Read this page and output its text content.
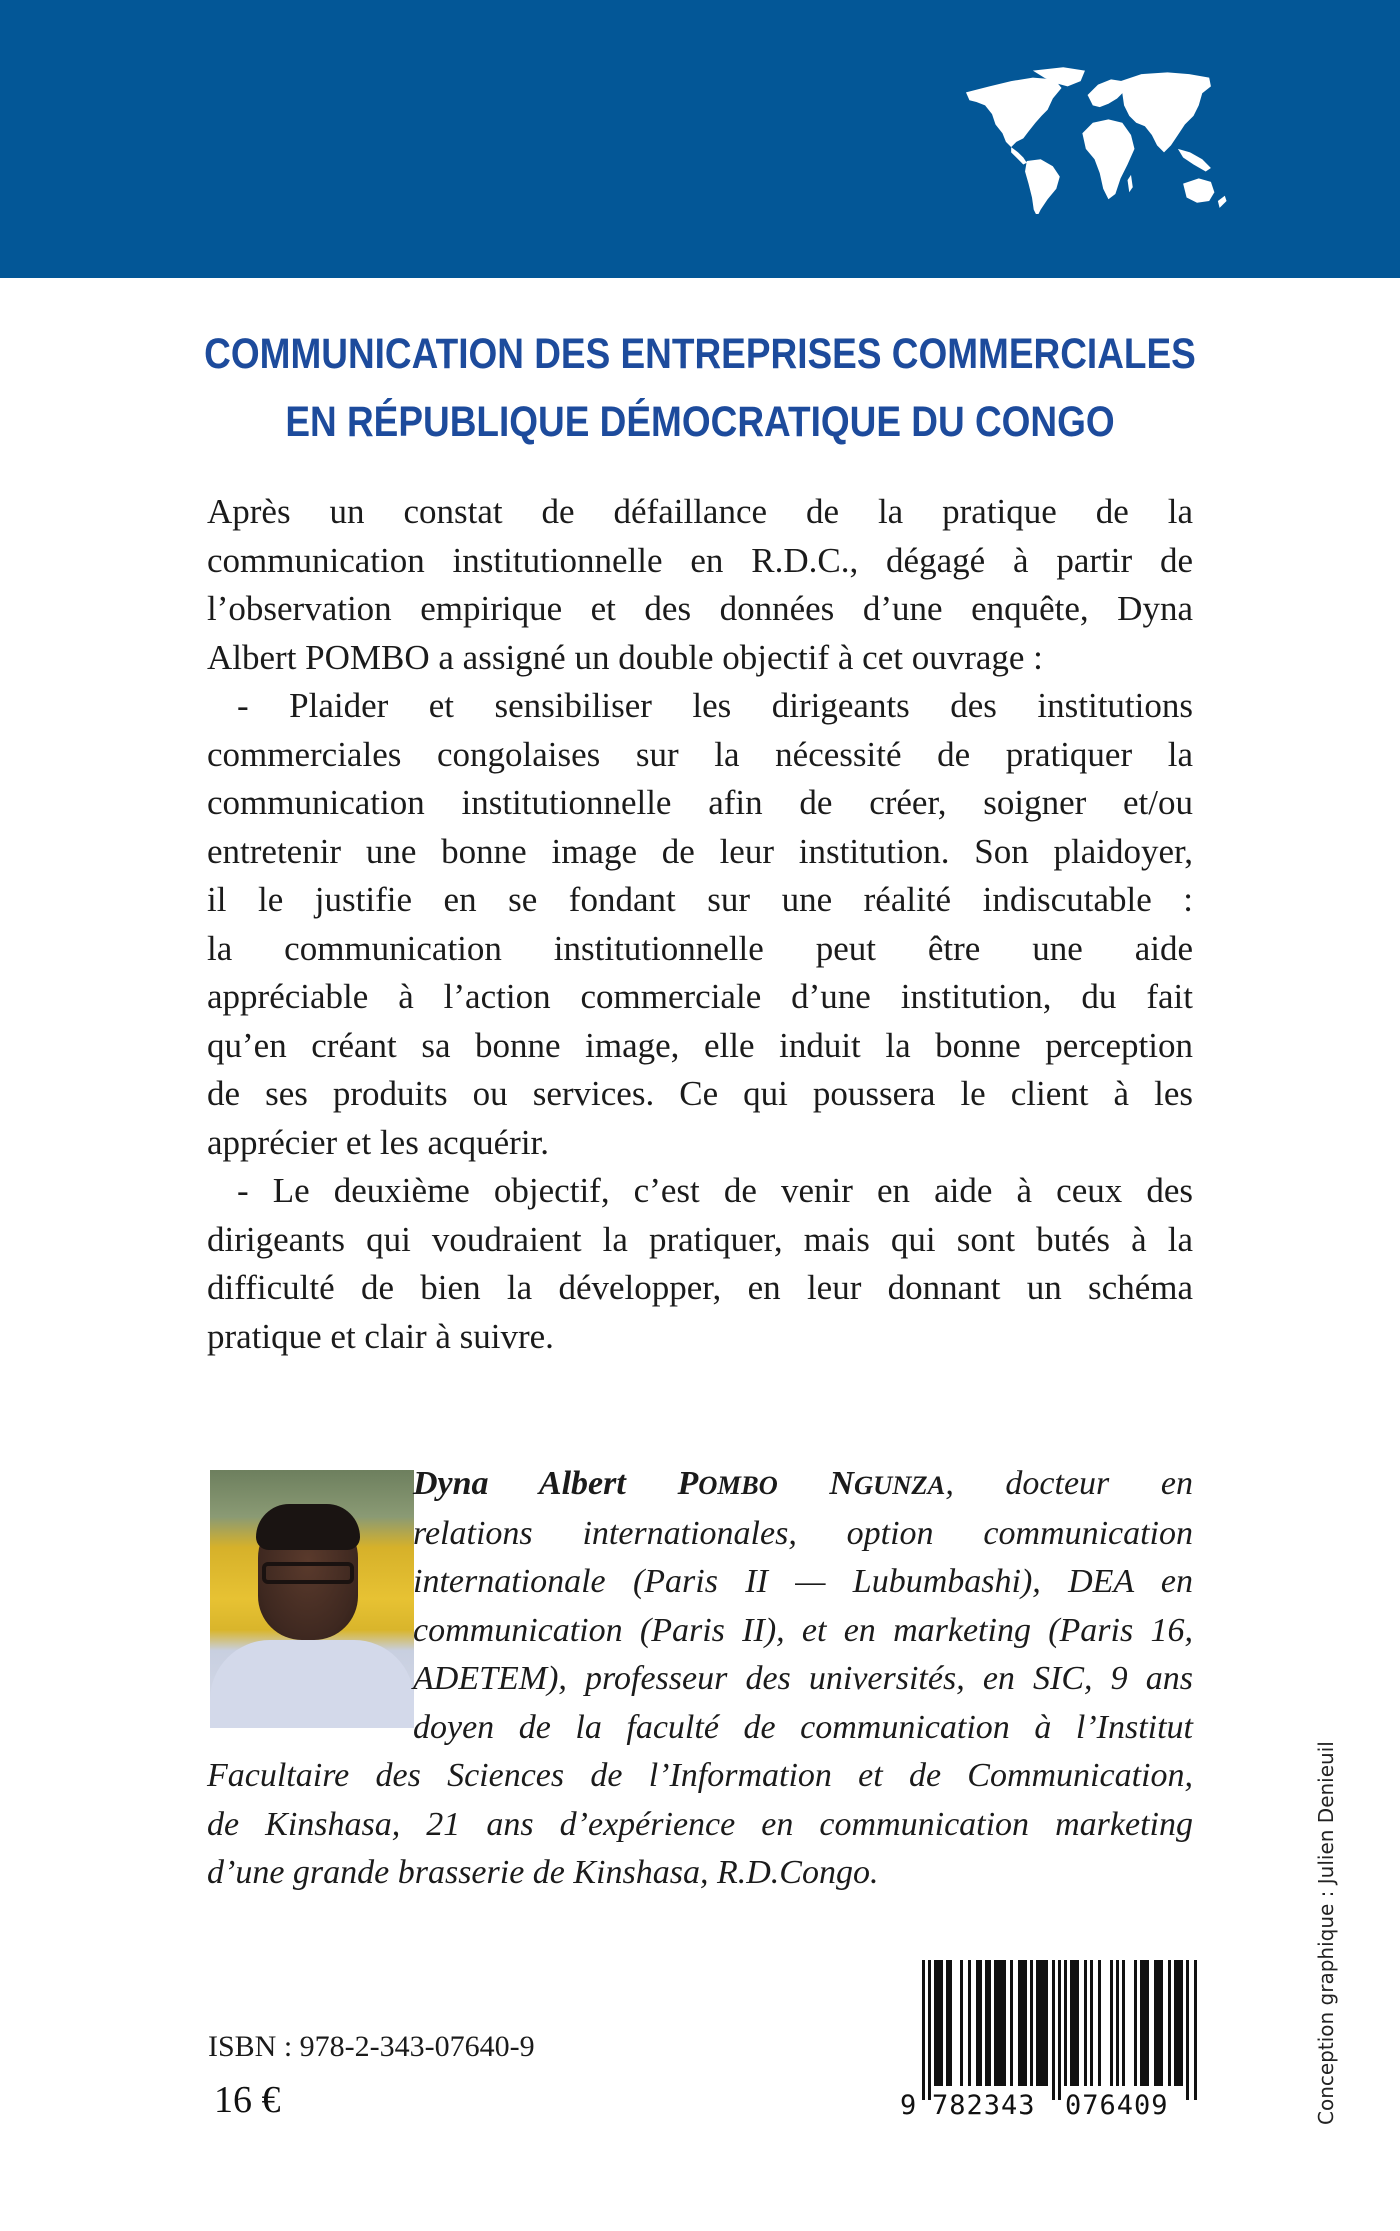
COMMUNICATION DES ENTREPRISES COMMERCIALES
EN RÉPUBLIQUE DÉMOCRATIQUE DU CONGO
Après un constat de défaillance de la pratique de la
communication institutionnelle en R.D.C., dégagé à partir de
l’observation empirique et des données d’une enquête, Dyna
Albert POMBO a assigné un double objectif à cet ouvrage :
- Plaider et sensibiliser les dirigeants des institutions
commerciales congolaises sur la nécessité de pratiquer la
communication institutionnelle afin de créer, soigner et/ou
entretenir une bonne image de leur institution. Son plaidoyer,
il le justifie en se fondant sur une réalité indiscutable :
la communication institutionnelle peut être une aide
appréciable à l’action commerciale d’une institution, du fait
qu’en créant sa bonne image, elle induit la bonne perception
de ses produits ou services. Ce qui poussera le client à les
apprécier et les acquérir.
- Le deuxième objectif, c’est de venir en aide à ceux des
dirigeants qui voudraient la pratiquer, mais qui sont butés à la
difficulté de bien la développer, en leur donnant un schéma
pratique et clair à suivre.
Dyna Albert POMBO NGUNZA, docteur en
relations internationales, option communication
internationale (Paris II — Lubumbashi), DEA en
communication (Paris II), et en marketing (Paris 16,
ADETEM), professeur des universités, en SIC, 9 ans
doyen de la faculté de communication à l’Institut
Facultaire des Sciences de l’Information et de Communication,
de Kinshasa, 21 ans d’expérience en communication marketing
d’une grande brasserie de Kinshasa, R.D.Congo.
ISBN : 978-2-343-07640-9
16 €	9 782343 076409	Conception graphique : Julien Denieuil
